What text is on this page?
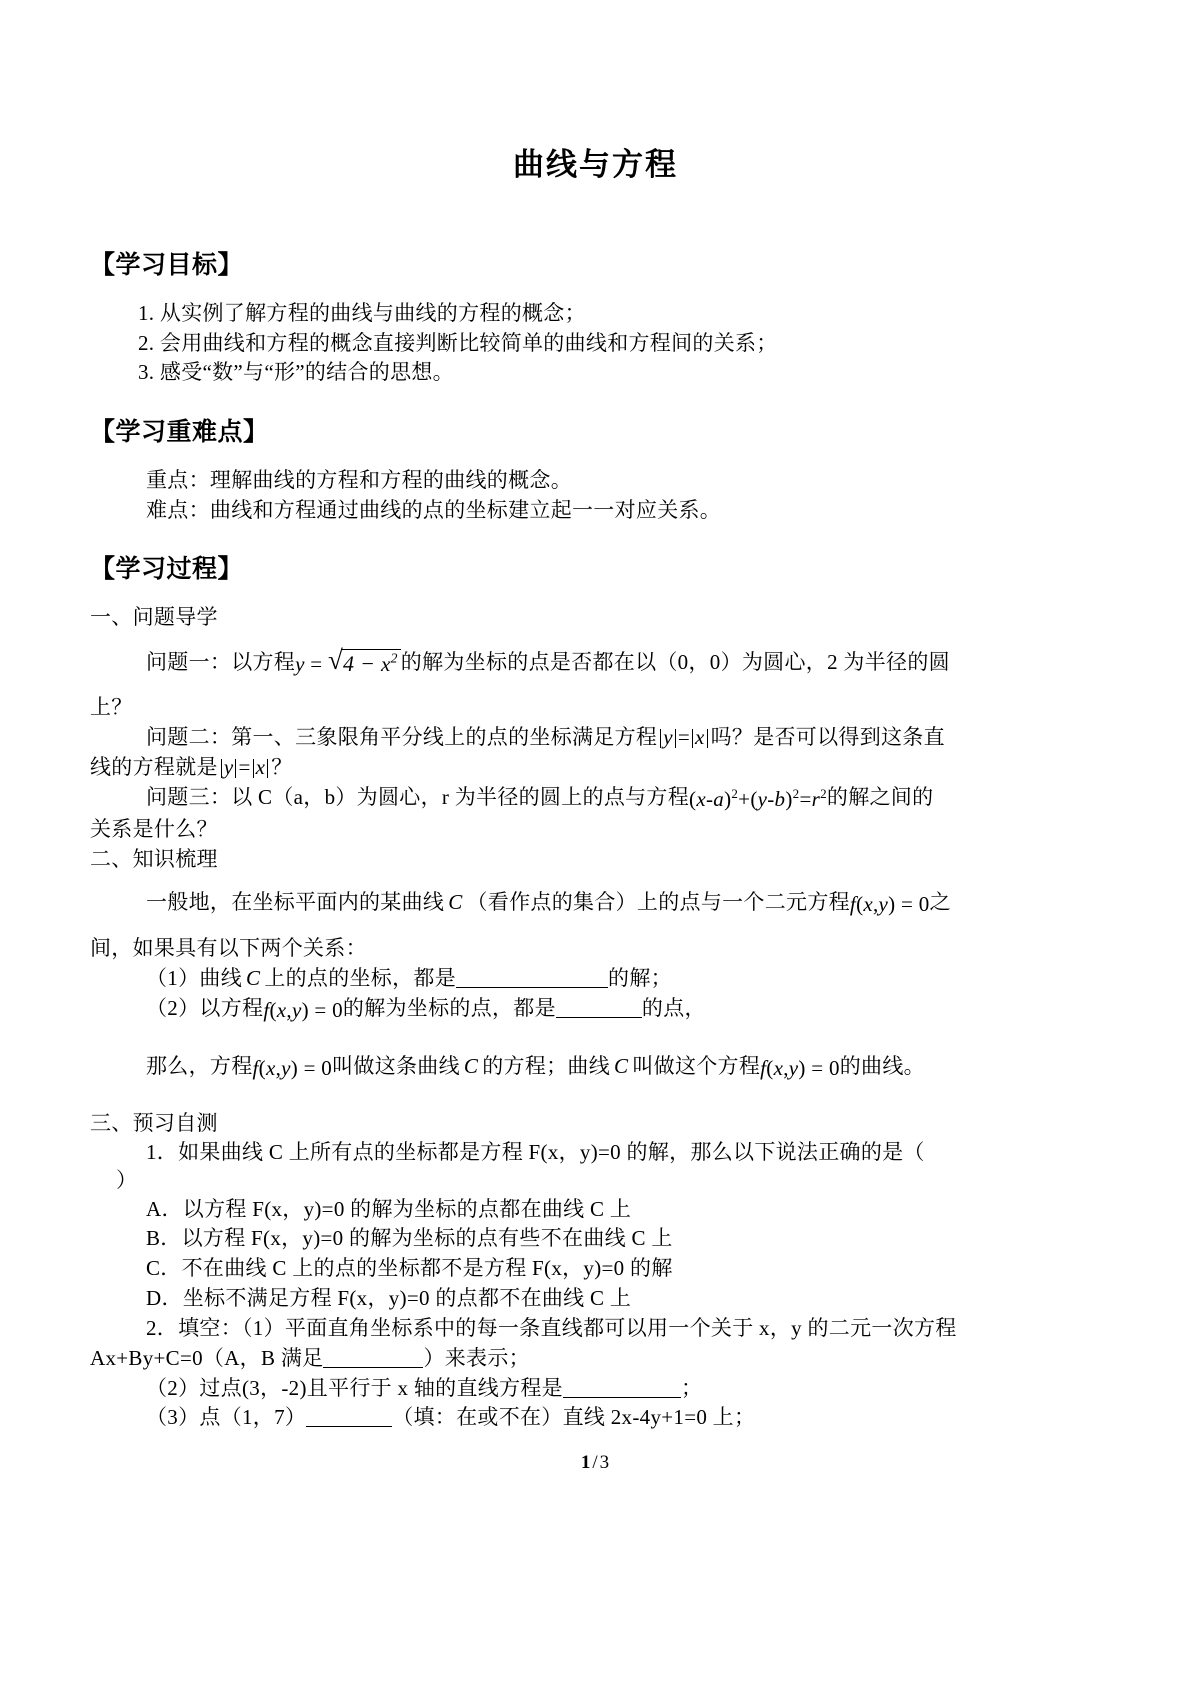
曲线与方程
【学习目标】
1. 从实例了解方程的曲线与曲线的方程的概念；
2. 会用曲线和方程的概念直接判断比较简单的曲线和方程间的关系；
3. 感受“数”与“形”的结合的思想。
【学习重难点】
重点：理解曲线的方程和方程的曲线的概念。
难点：曲线和方程通过曲线的点的坐标建立起一一对应关系。
【学习过程】
一、问题导学
问题一：以方程y = √ $4 - x^2$ 的解为坐标的点是否都在以（0，0）为圆心，2 为半径的圆
上？
问题二：第一、三象限角平分线上的点的坐标满足方程 y = x 吗？是否可以得到这条直
线的方程就是 y = x ？
问题三：以 C（a，b）为圆心，r 为半径的圆上的点与方程$(x-a)^2+(y-b)^2=r^2$的解之间的
关系是什么？
二、知识梳理
一般地，在坐标平面内的某曲线 C （看作点的集合）上的点与一个二元方程f(x,y) = 0之
间，如果具有以下两个关系：
（1）曲线 C 上的点的坐标，都是	的解；
（2）以方程f(x,y) = 0的解为坐标的点，都是	的点，
那么，方程f(x,y) = 0叫做这条曲线 C 的方程；曲线 C 叫做这个方程f(x,y) = 0的曲线。
三、预习自测
1．如果曲线 C 上所有点的坐标都是方程 F(x，y)=0 的解，那么以下说法正确的是（
）
A．以方程 F(x，y)=0 的解为坐标的点都在曲线 C 上
B．以方程 F(x，y)=0 的解为坐标的点有些不在曲线 C 上
C．不在曲线 C 上的点的坐标都不是方程 F(x，y)=0 的解
D．坐标不满足方程 F(x，y)=0 的点都不在曲线 C 上
2．填空：（1）平面直角坐标系中的每一条直线都可以用一个关于 x，y 的二元一次方程
Ax+By+C=0（A，B 满足	）来表示；
（2）过点(3，-2)且平行于 x 轴的直线方程是	；
（3）点（1，7）	（填：在或不在）直线 2x-4y+1=0 上；
1/3
